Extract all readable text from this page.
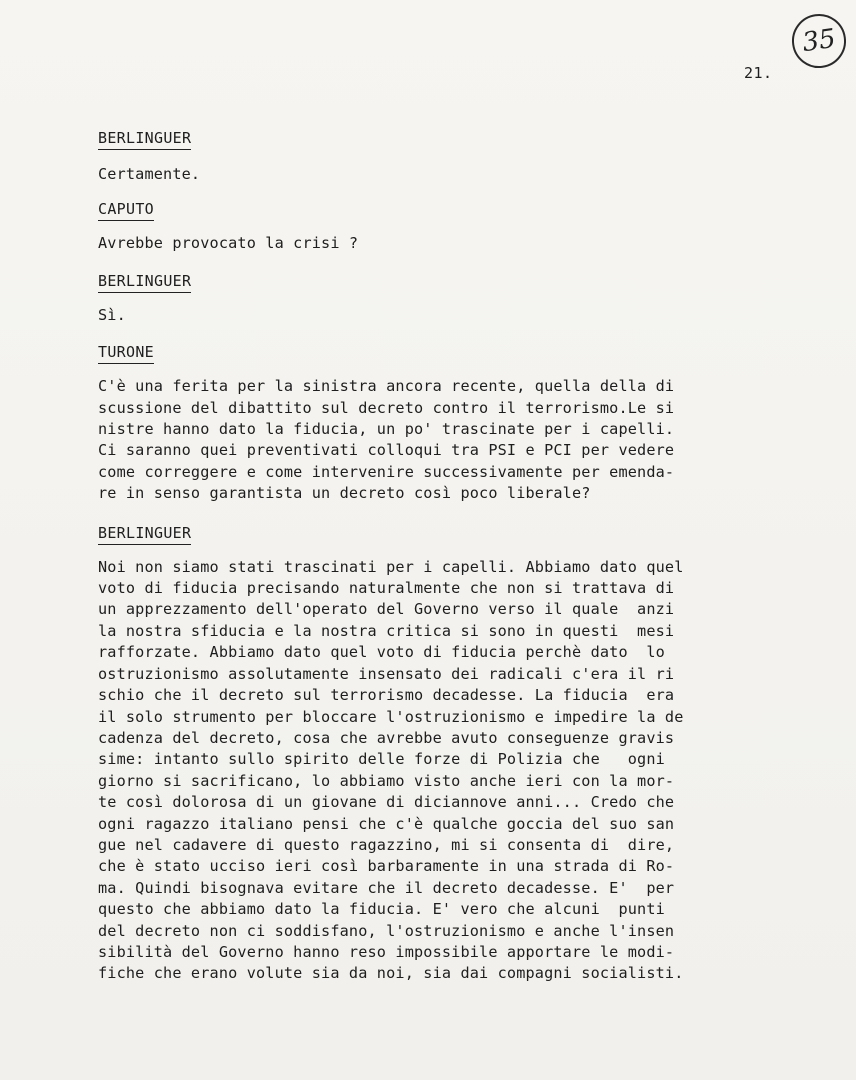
35
21.
BERLINGUER
Certamente.
CAPUTO
Avrebbe provocato la crisi ?
BERLINGUER
Sì.
TURONE
C'è una ferita per la sinistra ancora recente, quella della di
scussione del dibattito sul decreto contro il terrorismo.Le si
nistre hanno dato la fiducia, un po' trascinate per i capelli.
Ci saranno quei preventivati colloqui tra PSI e PCI per vedere
come correggere e come intervenire successivamente per emenda-
re in senso garantista un decreto così poco liberale?
BERLINGUER
Noi non siamo stati trascinati per i capelli. Abbiamo dato quel
voto di fiducia precisando naturalmente che non si trattava di
un apprezzamento dell'operato del Governo verso il quale  anzi
la nostra sfiducia e la nostra critica si sono in questi  mesi
rafforzate. Abbiamo dato quel voto di fiducia perchè dato  lo
ostruzionismo assolutamente insensato dei radicali c'era il ri
schio che il decreto sul terrorismo decadesse. La fiducia  era
il solo strumento per bloccare l'ostruzionismo e impedire la de
cadenza del decreto, cosa che avrebbe avuto conseguenze gravis
sime: intanto sullo spirito delle forze di Polizia che   ogni
giorno si sacrificano, lo abbiamo visto anche ieri con la mor-
te così dolorosa di un giovane di diciannove anni... Credo che
ogni ragazzo italiano pensi che c'è qualche goccia del suo san
gue nel cadavere di questo ragazzino, mi si consenta di  dire,
che è stato ucciso ieri così barbaramente in una strada di Ro-
ma. Quindi bisognava evitare che il decreto decadesse. E'  per
questo che abbiamo dato la fiducia. E' vero che alcuni  punti
del decreto non ci soddisfano, l'ostruzionismo e anche l'insen
sibilità del Governo hanno reso impossibile apportare le modi-
fiche che erano volute sia da noi, sia dai compagni socialisti.
